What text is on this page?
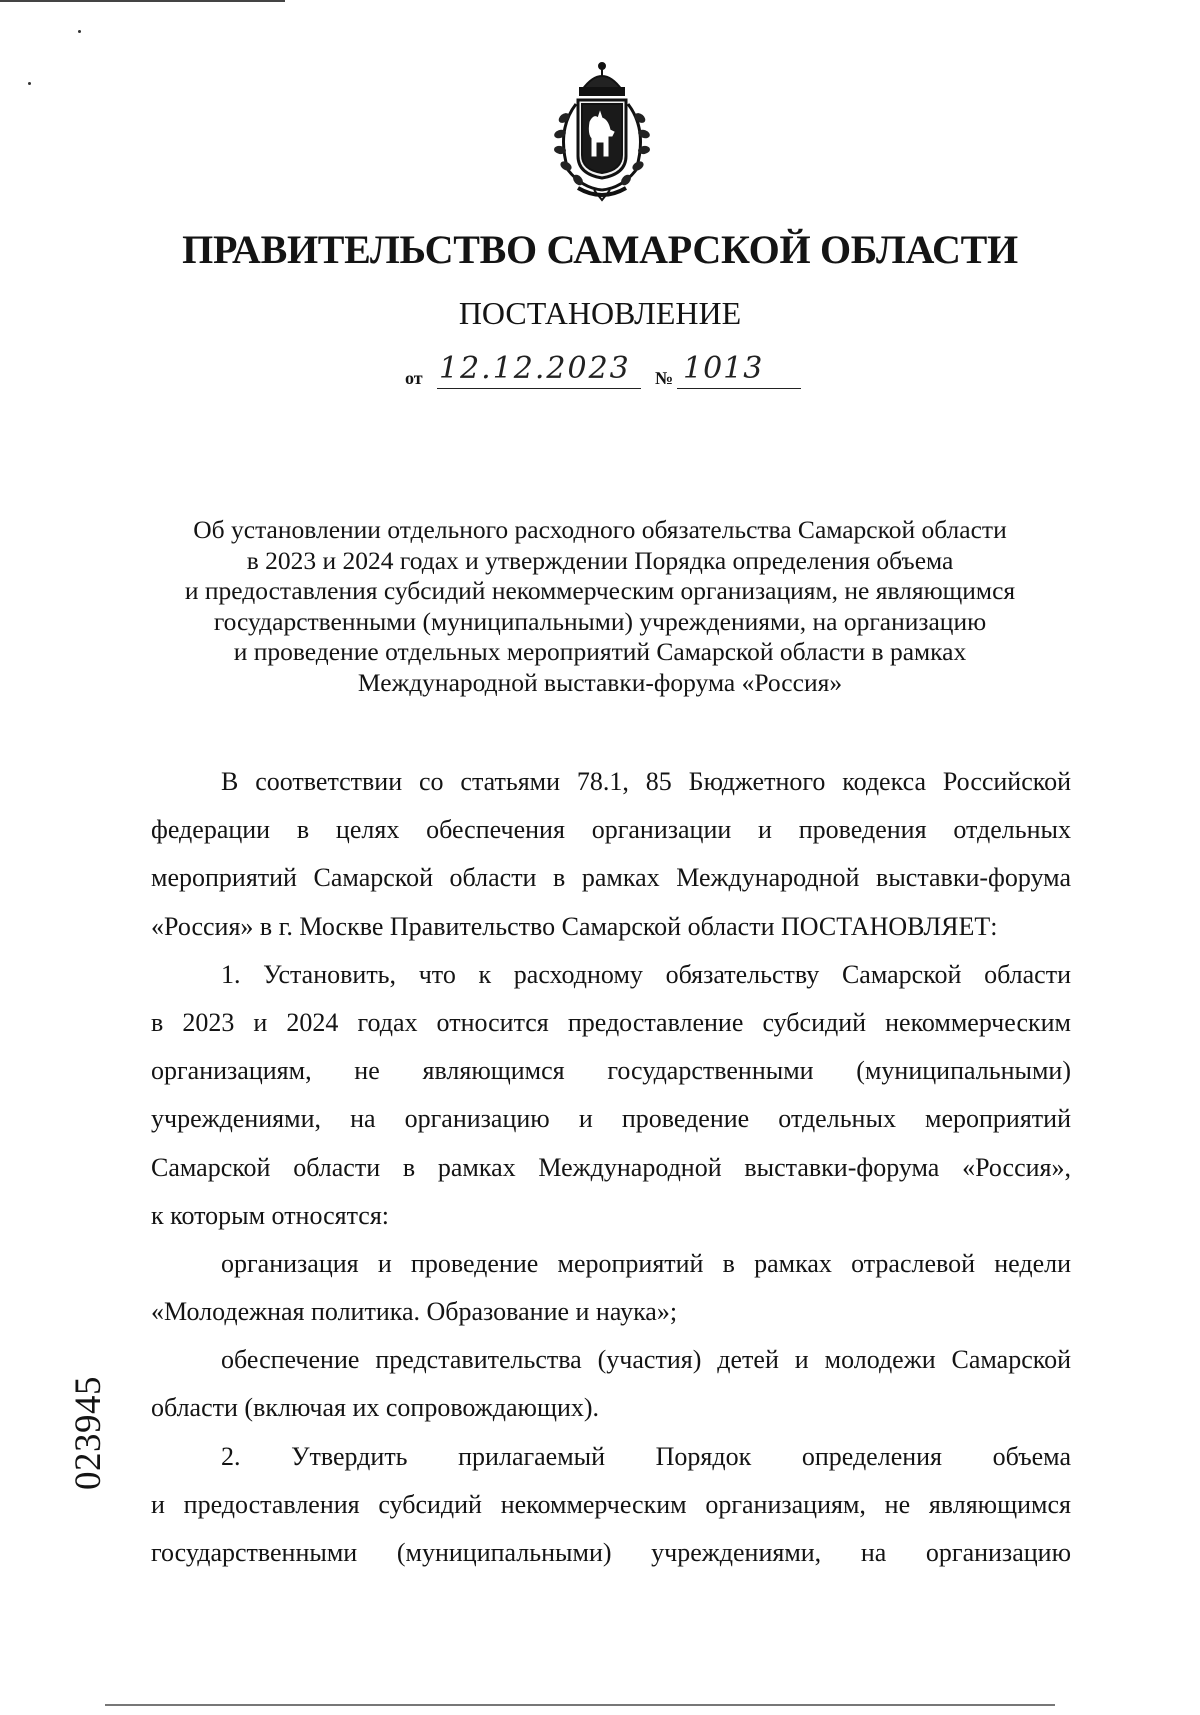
ПРАВИТЕЛЬСТВО САМАРСКОЙ ОБЛАСТИ
ПОСТАНОВЛЕНИЕ
от 12.12.2023 № 1013
Об установлении отдельного расходного обязательства Самарской области
в 2023 и 2024 годах и утверждении Порядка определения объема
и предоставления субсидий некоммерческим организациям, не являющимся
государственными (муниципальными) учреждениями, на организацию
и проведение отдельных мероприятий Самарской области в рамках
Международной выставки-форума «Россия»
В соответствии со статьями 78.1, 85 Бюджетного кодекса Российской
федерации в целях обеспечения организации и проведения отдельных
мероприятий Самарской области в рамках Международной выставки-форума
«Россия» в г. Москве Правительство Самарской области ПОСТАНОВЛЯЕТ:
1. Установить, что к расходному обязательству Самарской области
в 2023 и 2024 годах относится предоставление субсидий некоммерческим
организациям, не являющимся государственными (муниципальными)
учреждениями, на организацию и проведение отдельных мероприятий
Самарской области в рамках Международной выставки-форума «Россия»,
к которым относятся:
организация и проведение мероприятий в рамках отраслевой недели
«Молодежная политика. Образование и наука»;
обеспечение представительства (участия) детей и молодежи Самарской
области (включая их сопровождающих).
2. Утвердить прилагаемый Порядок определения объема
и предоставления субсидий некоммерческим организациям, не являющимся
государственными (муниципальными) учреждениями, на организацию
023945
